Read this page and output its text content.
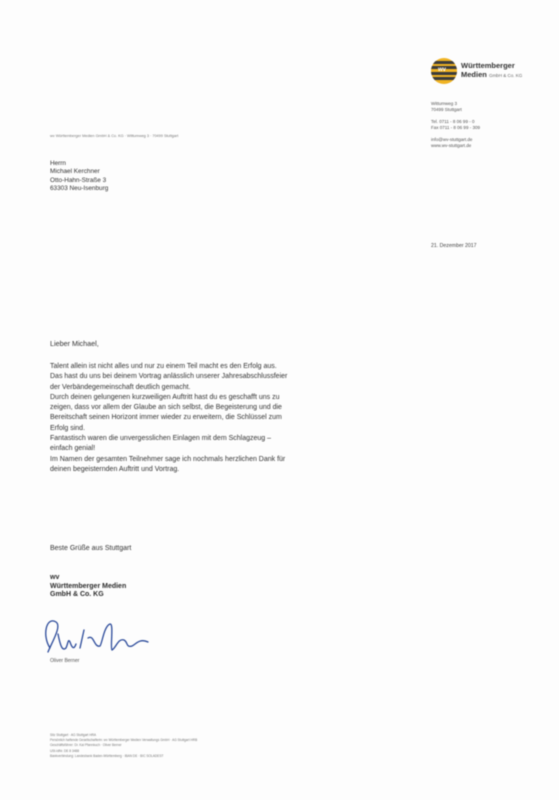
wv Württemberger
Medien GmbH & Co. KG
Wittumweg 3
70499 Stuttgart
Tel. 0711 - 8 06 99 - 0
Fax 0711 - 8 06 99 - 309
info@wv-stuttgart.de
www.wv-stuttgart.de
wv Württemberger Medien GmbH & Co. KG · Wittumweg 3 · 70499 Stuttgart
Herrn
Michael Kerchner
Otto-Hahn-Straße 3
63303 Neu-Isenburg
21. Dezember 2017
Lieber Michael,

Talent allein ist nicht alles und nur zu einem Teil macht es den Erfolg aus.

Das hast du uns bei deinem Vortrag anlässlich unserer Jahresabschlussfeier

der Verbändegemeinschaft deutlich gemacht.

Durch deinen gelungenen kurzweiligen Auftritt hast du es geschafft uns zu

zeigen, dass vor allem der Glaube an sich selbst, die Begeisterung und die

Bereitschaft seinen Horizont immer wieder zu erweitern, die Schlüssel zum

Erfolg sind.

Fantastisch waren die unvergesslichen Einlagen mit dem Schlagzeug –

einfach genial!

Im Namen der gesamten Teilnehmer sage ich nochmals herzlichen Dank für

deinen begeisternden Auftritt und Vortrag.

Beste Grüße aus Stuttgart
wv
Württemberger Medien
GmbH & Co. KG
Oliver Berner
Sitz Stuttgart · AG Stuttgart HRA
Persönlich haftende Gesellschafterin: wv Württemberger Medien Verwaltungs GmbH · AG Stuttgart HRB
Geschäftsführer: Dr. Kai Pfannkuch · Oliver Berner
USt-IdNr. DE 8 3488
Bankverbindung: Landesbank Baden-Württemberg · IBAN DE · BIC SOLADEST
